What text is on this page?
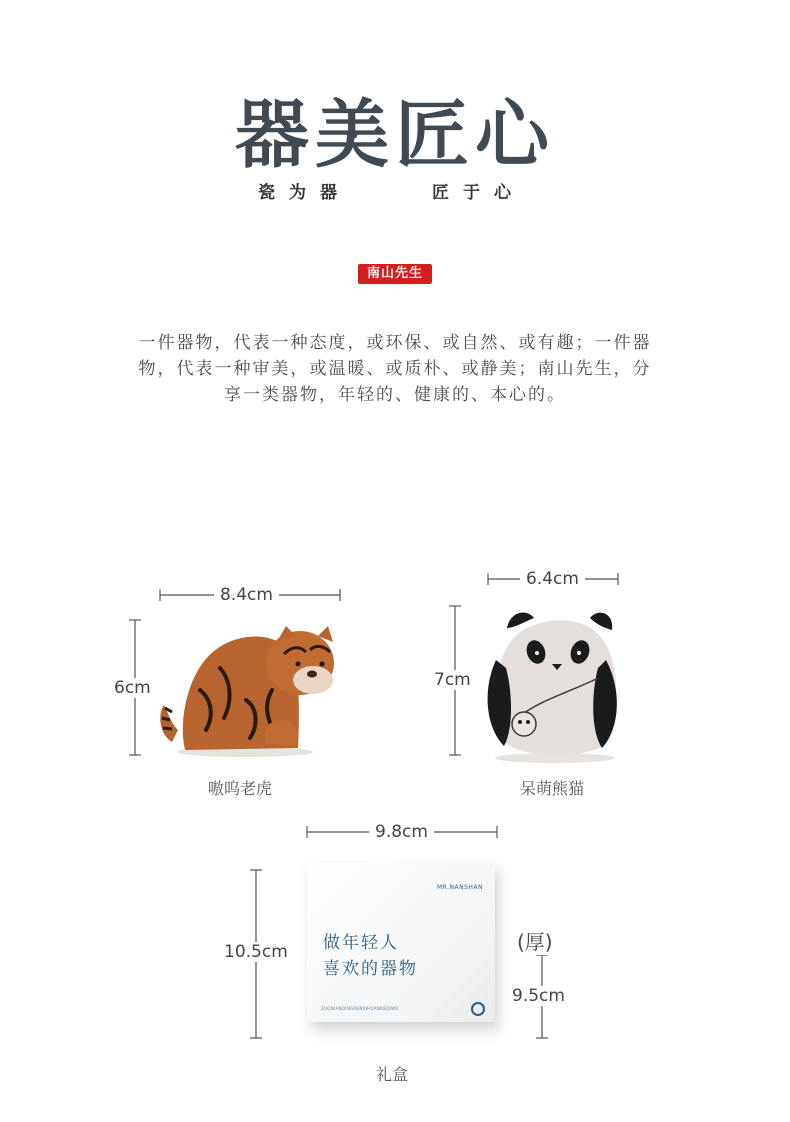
器美匠心
瓷为器	匠于心
南山先生
一件器物，代表一种态度，或环保、或自然、或有趣；一件器
物，代表一种审美，或温暖、或质朴、或静美；南山先生，分
享一类器物，年轻的、健康的、本心的。
8.4cm
6cm
6.4cm
7cm
9.8cm
10.5cm	(厚)
9.5cm
嗷呜老虎	呆萌熊猫
礼盒
MR.NANSHAN
做年轻人
喜欢的器物
ZUONIANQINGRENXIHUANDEQIWU
